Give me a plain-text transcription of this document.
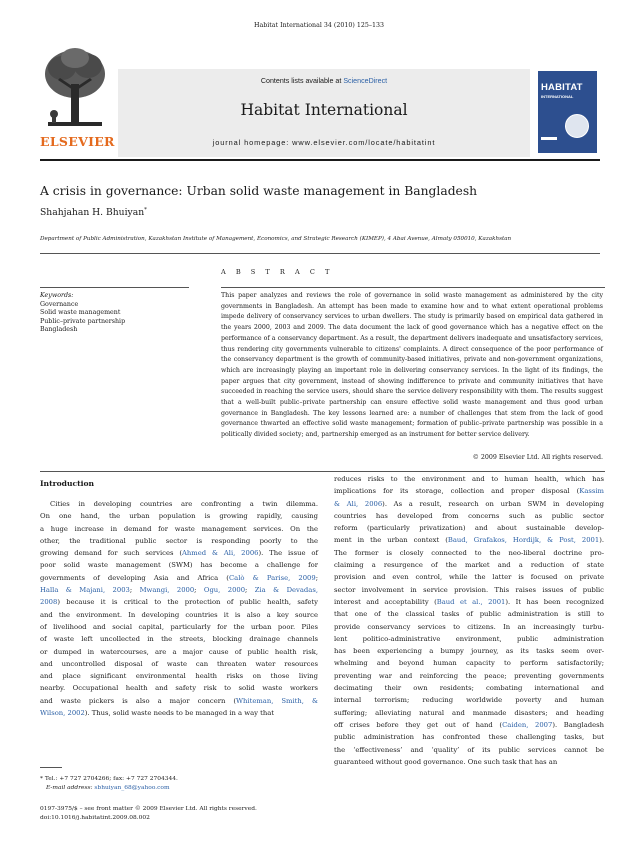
Habitat International 34 (2010) 125–133
ELSEVIER
Contents lists available at ScienceDirect
Habitat International
journal homepage: www.elsevier.com/locate/habitatint
HABITAT
INTERNATIONAL
A crisis in governance: Urban solid waste management in Bangladesh
Shahjahan H. Bhuiyan*
Department of Public Administration, Kazakhstan Institute of Management, Economics, and Strategic Research (KIMEP), 4 Abai Avenue, Almaty 050010, Kazakhstan
Keywords:
Governance
Solid waste management
Public–private partnership
Bangladesh
A B S T R A C T
This paper analyzes and reviews the role of governance in solid waste management as administered by the city governments in Bangladesh. An attempt has been made to examine how and to what extent operational problems impede delivery of conservancy services to urban dwellers. The study is primarily based on empirical data gathered in the years 2000, 2003 and 2009. The data document the lack of good governance which has a negative effect on the performance of a conservancy department. As a result, the department delivers inadequate and unsatisfactory services, thus rendering city governments vulnerable to citizens' complaints. A direct consequence of the poor performance of the conservancy department is the growth of community-based initiatives, private and non-government organizations, which are increasingly playing an important role in delivering conservancy services. In the light of its findings, the paper argues that city government, instead of showing indifference to private and community initiatives that have succeeded in reaching the service users, should share the service delivery responsibility with them. The results suggest that a well-built public–private partnership can ensure effective solid waste management and thus good urban governance in Bangladesh. The key lessons learned are: a number of challenges that stem from the lack of good governance thwarted an effective solid waste management; formation of public–private partnership was possible in a politically divided society; and, partnership emerged as an instrument for better service delivery.
© 2009 Elsevier Ltd. All rights reserved.
Introduction

Cities in developing countries are confronting a twin dilemma.

On one hand, the urban population is growing rapidly, causing

a huge increase in demand for waste management services. On the

other, the traditional public sector is responding poorly to the

growing demand for such services (Ahmed & Ali, 2006). The issue of

poor solid waste management (SWM) has become a challenge for

governments of developing Asia and Africa (Calò & Parise, 2009;

Halla & Majani, 2003; Mwangi, 2000; Ogu, 2000; Zia & Devadas,

2008) because it is critical to the protection of public health, safety

and the environment. In developing countries it is also a key source

of livelihood and social capital, particularly for the urban poor. Piles

of waste left uncollected in the streets, blocking drainage channels

or dumped in watercourses, are a major cause of public health risk,

and uncontrolled disposal of waste can threaten water resources

and place significant environmental health risks on those living

nearby. Occupational health and safety risk to solid waste workers

and waste pickers is also a major concern (Whiteman, Smith, &

Wilson, 2002). Thus, solid waste needs to be managed in a way that

reduces risks to the environment and to human health, which has

implications for its storage, collection and proper disposal (Kassim

& Ali, 2006). As a result, research on urban SWM in developing

countries has developed from concerns such as public sector

reform (particularly privatization) and about sustainable develop-

ment in the urban context (Baud, Grafakos, Hordijk, & Post, 2001).

The former is closely connected to the neo-liberal doctrine pro-

claiming a resurgence of the market and a reduction of state

provision and even control, while the latter is focused on private

sector involvement in service provision. This raises issues of public

interest and acceptability (Baud et al., 2001). It has been recognized

that one of the classical tasks of public administration is still to

provide conservancy services to citizens. In an increasingly turbu-

lent politico-administrative environment, public administration

has been experiencing a bumpy journey, as its tasks seem over-

whelming and beyond human capacity to perform satisfactorily;

preventing war and reinforcing the peace; preventing governments

decimating their own residents; combating international and

internal terrorism; reducing worldwide poverty and human

suffering; alleviating natural and manmade disasters; and heading

off crises before they get out of hand (Caiden, 2007). Bangladesh

public administration has confronted these challenging tasks, but

the ‘effectiveness’ and ‘quality’ of its public services cannot be

guaranteed without good governance. One such task that has an

* Tel.: +7 727 2704266; fax: +7 727 2704344.
E-mail address: sbhuiyan_68@yahoo.com
0197-3975/$ – see front matter © 2009 Elsevier Ltd. All rights reserved.
doi:10.1016/j.habitatint.2009.08.002
